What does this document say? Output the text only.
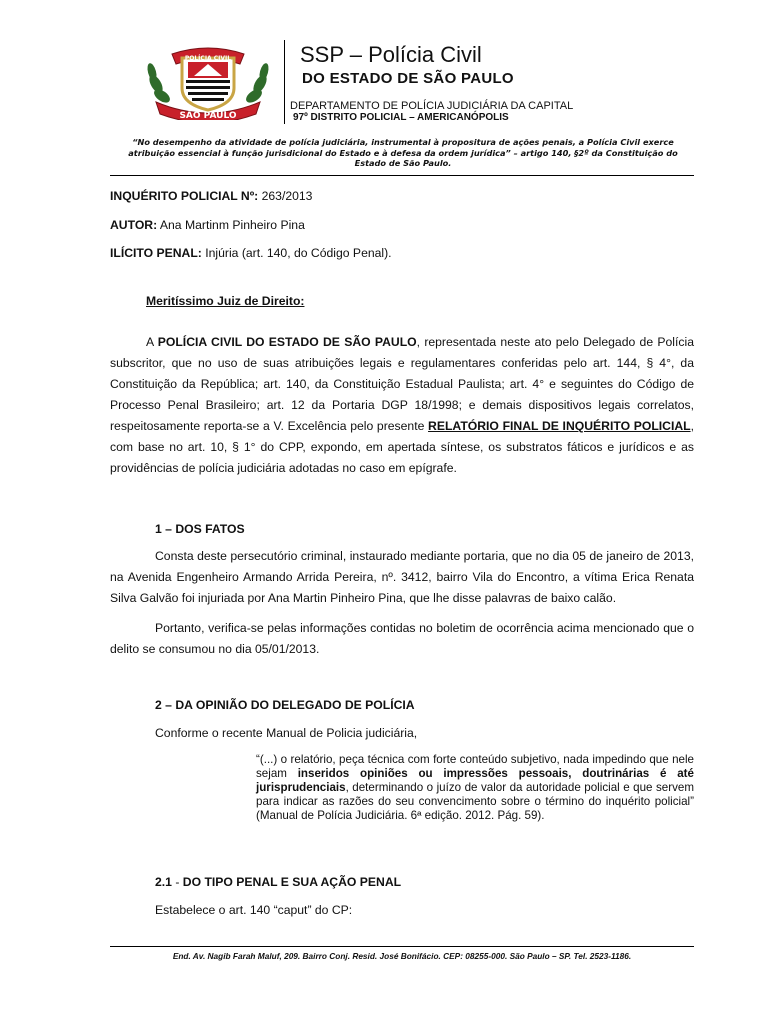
POLÍCIA CIVIL
SÃO PAULO
SSP – Polícia Civil
DO ESTADO DE SÃO PAULO
DEPARTAMENTO DE POLÍCIA JUDICIÁRIA DA CAPITAL
97º DISTRITO POLICIAL – AMERICANÓPOLIS
“No desempenho da atividade de polícia judiciária, instrumental à propositura de ações penais, a Polícia Civil exerce atribuição essencial à função jurisdicional do Estado e à defesa da ordem jurídica” – artigo 140, §2º da Constituição do Estado de São Paulo.
INQUÉRITO POLICIAL Nº: 263/2013
AUTOR: Ana Martinm Pinheiro Pina
ILÍCITO PENAL: Injúria (art. 140, do Código Penal).
Meritíssimo Juiz de Direito:
A POLÍCIA CIVIL DO ESTADO DE SÃO PAULO, representada neste ato pelo Delegado de Polícia subscritor, que no uso de suas atribuições legais e regulamentares conferidas pelo art. 144, § 4°, da Constituição da República; art. 140, da Constituição Estadual Paulista; art. 4° e seguintes do Código de Processo Penal Brasileiro; art. 12 da Portaria DGP 18/1998; e demais dispositivos legais correlatos, respeitosamente reporta-se a V. Excelência pelo presente RELATÓRIO FINAL DE INQUÉRITO POLICIAL, com base no art. 10, § 1° do CPP, expondo, em apertada síntese, os substratos fáticos e jurídicos e as providências de polícia judiciária adotadas no caso em epígrafe.
1 – DOS FATOS
Consta deste persecutório criminal, instaurado mediante portaria, que no dia 05 de janeiro de 2013, na Avenida Engenheiro Armando Arrida Pereira, nº. 3412, bairro Vila do Encontro, a vítima Erica Renata Silva Galvão foi injuriada por Ana Martin Pinheiro Pina, que lhe disse palavras de baixo calão.
Portanto, verifica-se pelas informações contidas no boletim de ocorrência acima mencionado que o delito se consumou no dia 05/01/2013.
2 – DA OPINIÃO DO DELEGADO DE POLÍCIA
Conforme o recente Manual de Policia judiciária,
“(...) o relatório, peça técnica com forte conteúdo subjetivo, nada impedindo que nele sejam inseridos opiniões ou impressões pessoais, doutrinárias é até jurisprudenciais, determinando o juízo de valor da autoridade policial e que servem para indicar as razões do seu convencimento sobre o término do inquérito policial” (Manual de Polícia Judiciária. 6ª edição. 2012. Pág. 59).
2.1 - DO TIPO PENAL E SUA AÇÃO PENAL
Estabelece o art. 140 “caput” do CP:
End. Av. Nagib Farah Maluf, 209. Bairro Conj. Resid. José Bonifácio. CEP: 08255-000. São Paulo – SP. Tel. 2523-1186.
